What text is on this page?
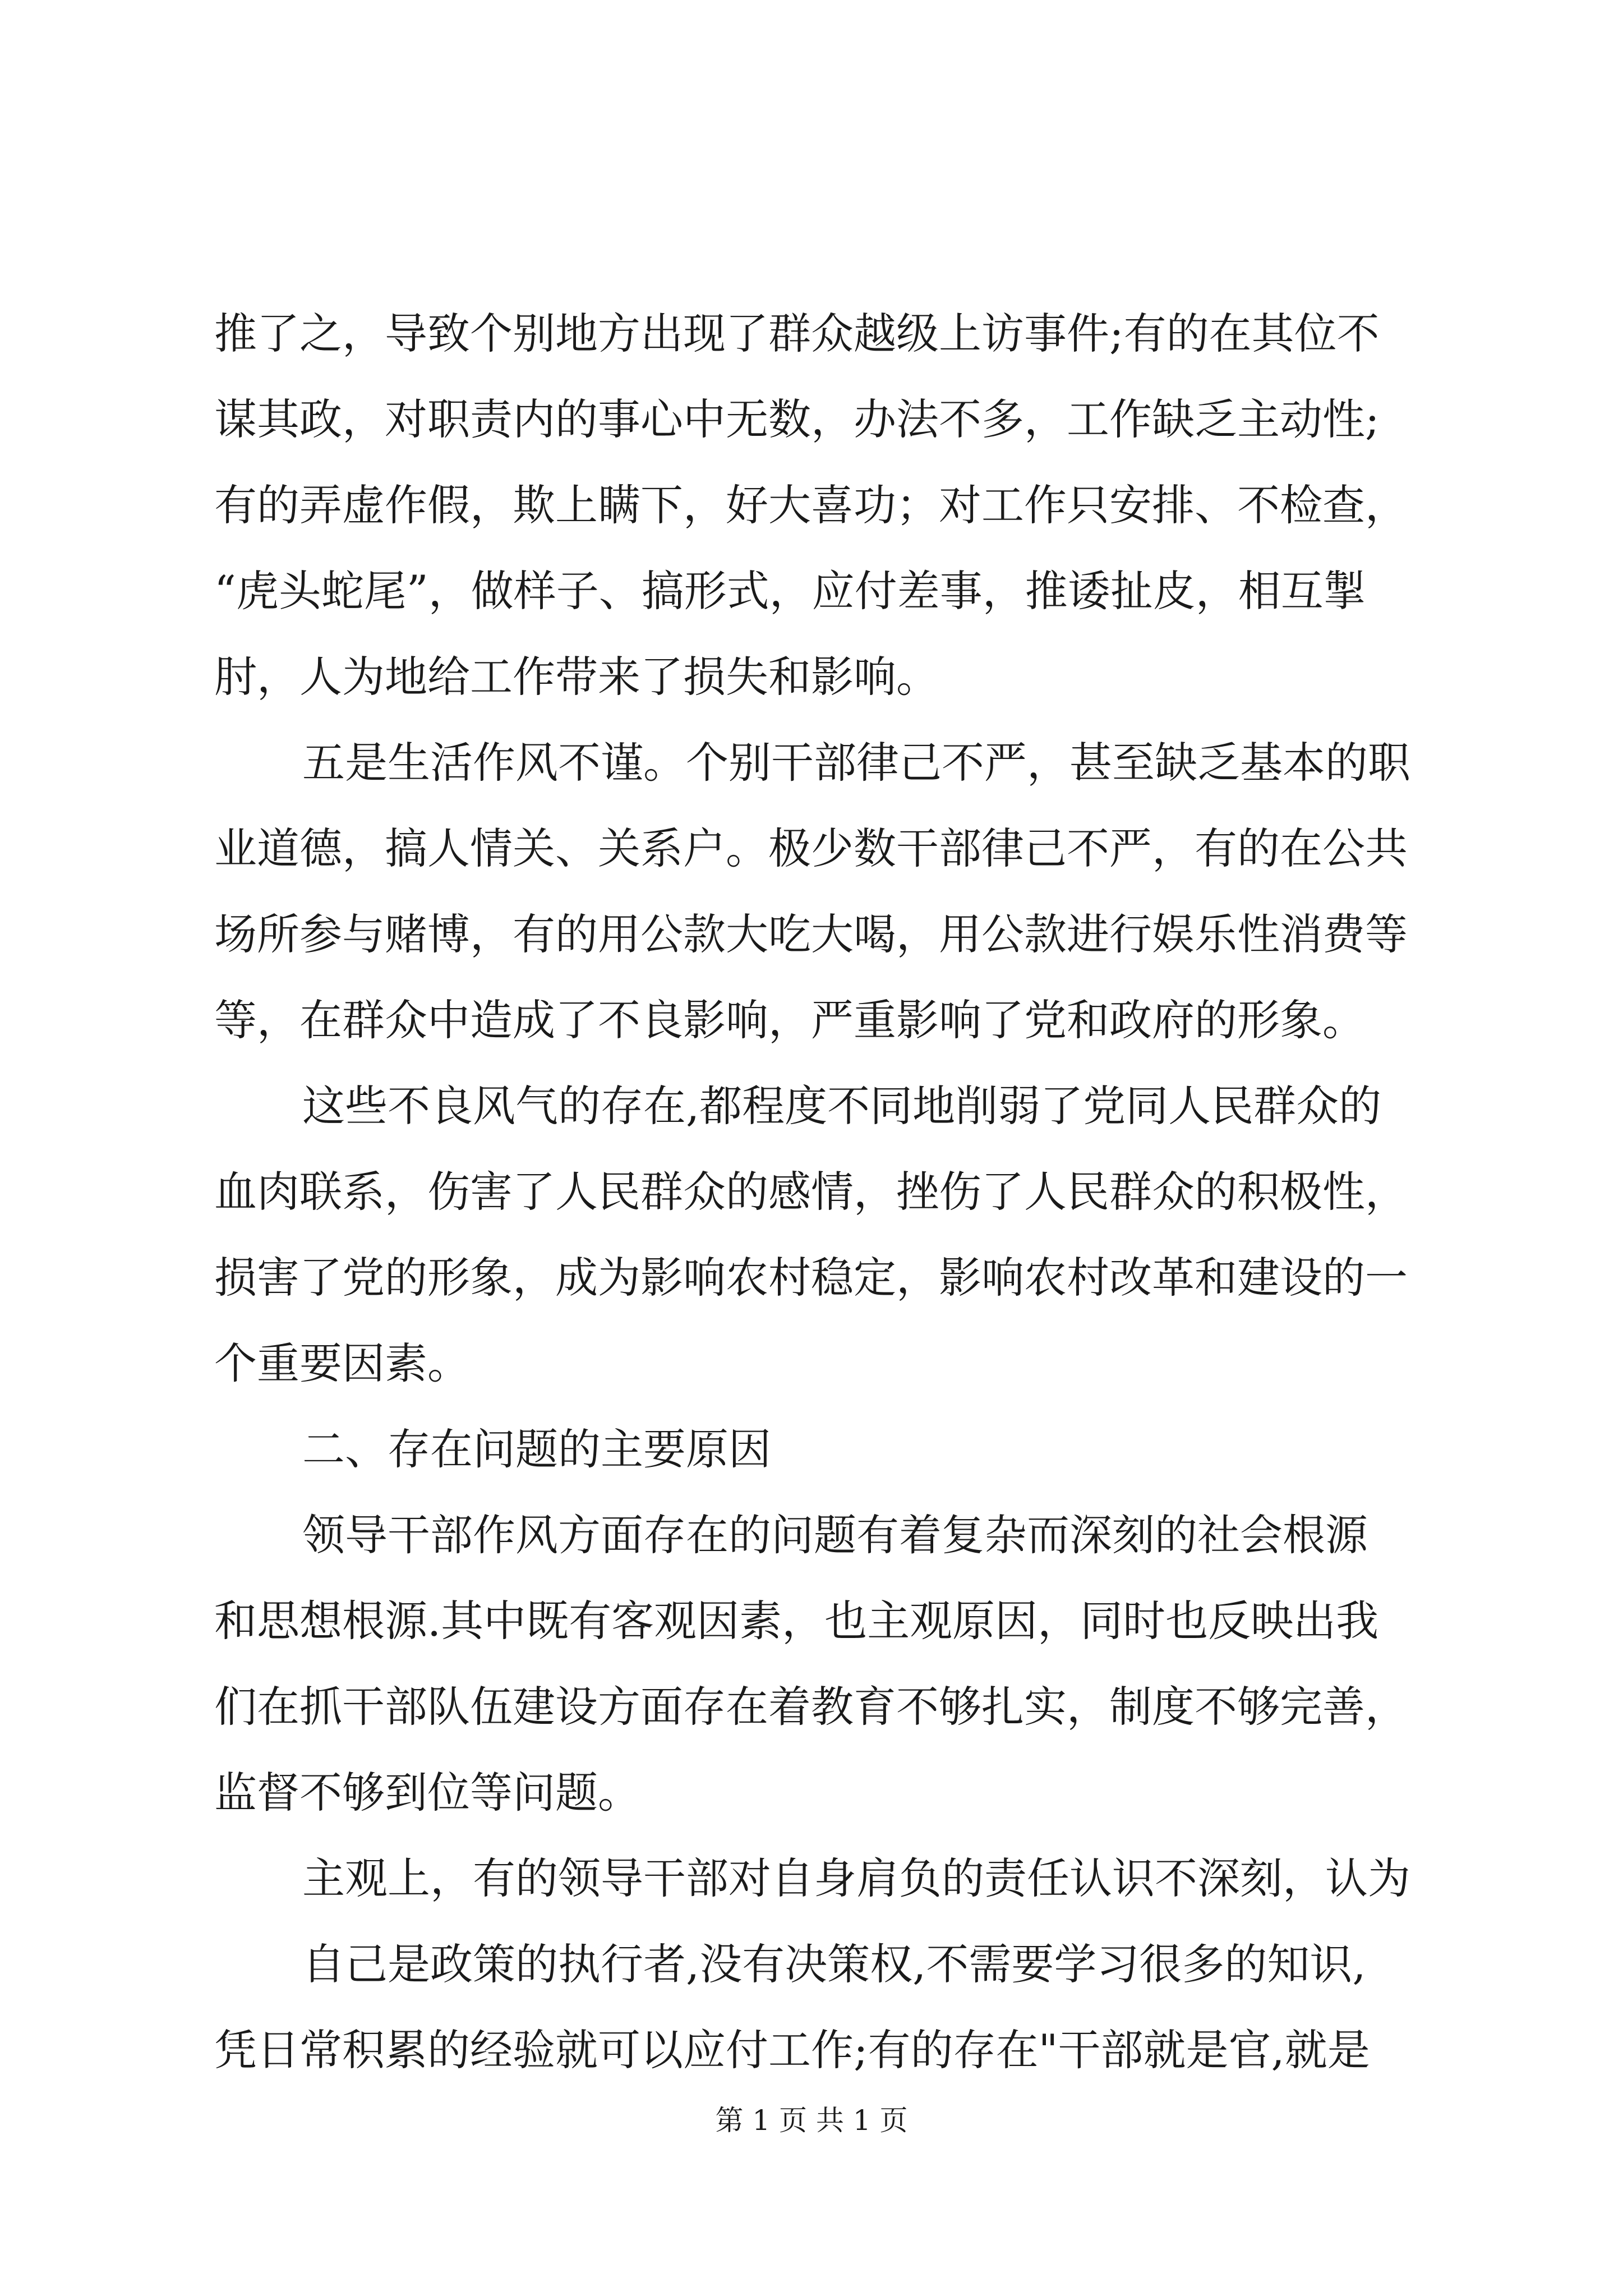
推了之，导致个别地方出现了群众越级上访事件;有的在其位不
谋其政，对职责内的事心中无数，办法不多，工作缺乏主动性;
有的弄虚作假，欺上瞒下，好大喜功；对工作只安排、不检查，
“虎头蛇尾”，做样子、搞形式，应付差事，推诿扯皮，相互掣
肘，人为地给工作带来了损失和影响。
五是生活作风不谨。个别干部律己不严，甚至缺乏基本的职
业道德，搞人情关、关系户。极少数干部律己不严，有的在公共
场所参与赌博，有的用公款大吃大喝，用公款进行娱乐性消费等
等，在群众中造成了不良影响，严重影响了党和政府的形象。
这些不良风气的存在,都程度不同地削弱了党同人民群众的
血肉联系，伤害了人民群众的感情，挫伤了人民群众的积极性，
损害了党的形象，成为影响农村稳定，影响农村改革和建设的一
个重要因素。
二、存在问题的主要原因
领导干部作风方面存在的问题有着复杂而深刻的社会根源
和思想根源.其中既有客观因素，也主观原因，同时也反映出我
们在抓干部队伍建设方面存在着教育不够扎实，制度不够完善，
监督不够到位等问题。
主观上，有的领导干部对自身肩负的责任认识不深刻，认为
自己是政策的执行者,没有决策权,不需要学习很多的知识,
凭日常积累的经验就可以应付工作;有的存在"干部就是官,就是
第 1 页 共 1 页
